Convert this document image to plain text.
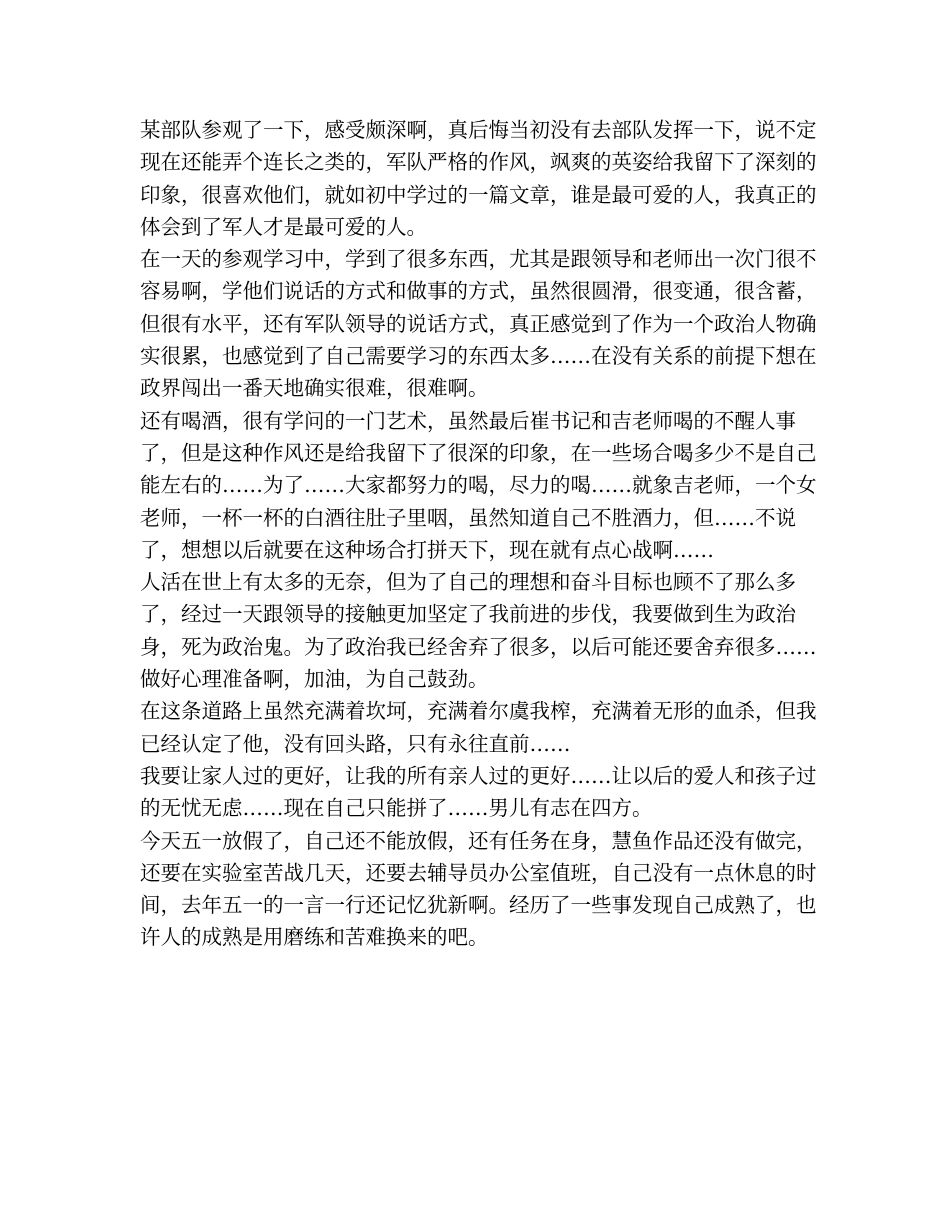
某部队参观了一下，感受颇深啊，真后悔当初没有去部队发挥一下，说不定现在还能弄个连长之类的，军队严格的作风，飒爽的英姿给我留下了深刻的印象，很喜欢他们，就如初中学过的一篇文章，谁是最可爱的人，我真正的体会到了军人才是最可爱的人。

在一天的参观学习中，学到了很多东西，尤其是跟领导和老师出一次门很不容易啊，学他们说话的方式和做事的方式，虽然很圆滑，很变通，很含蓄，但很有水平，还有军队领导的说话方式，真正感觉到了作为一个政治人物确实很累，也感觉到了自己需要学习的东西太多……在没有关系的前提下想在政界闯出一番天地确实很难，很难啊。

还有喝酒，很有学问的一门艺术，虽然最后崔书记和吉老师喝的不醒人事了，但是这种作风还是给我留下了很深的印象，在一些场合喝多少不是自己能左右的……为了……大家都努力的喝，尽力的喝……就象吉老师，一个女老师，一杯一杯的白酒往肚子里咽，虽然知道自己不胜酒力，但……不说了，想想以后就要在这种场合打拼天下，现在就有点心战啊……

人活在世上有太多的无奈，但为了自己的理想和奋斗目标也顾不了那么多了，经过一天跟领导的接触更加坚定了我前进的步伐，我要做到生为政治身，死为政治鬼。为了政治我已经舍弃了很多，以后可能还要舍弃很多……做好心理准备啊，加油，为自己鼓劲。

在这条道路上虽然充满着坎坷，充满着尔虞我榨，充满着无形的血杀，但我已经认定了他，没有回头路，只有永往直前……

我要让家人过的更好，让我的所有亲人过的更好……让以后的爱人和孩子过的无忧无虑……现在自己只能拼了……男儿有志在四方。

今天五一放假了，自己还不能放假，还有任务在身，慧鱼作品还没有做完，还要在实验室苦战几天，还要去辅导员办公室值班，自己没有一点休息的时间，去年五一的一言一行还记忆犹新啊。经历了一些事发现自己成熟了，也许人的成熟是用磨练和苦难换来的吧。
